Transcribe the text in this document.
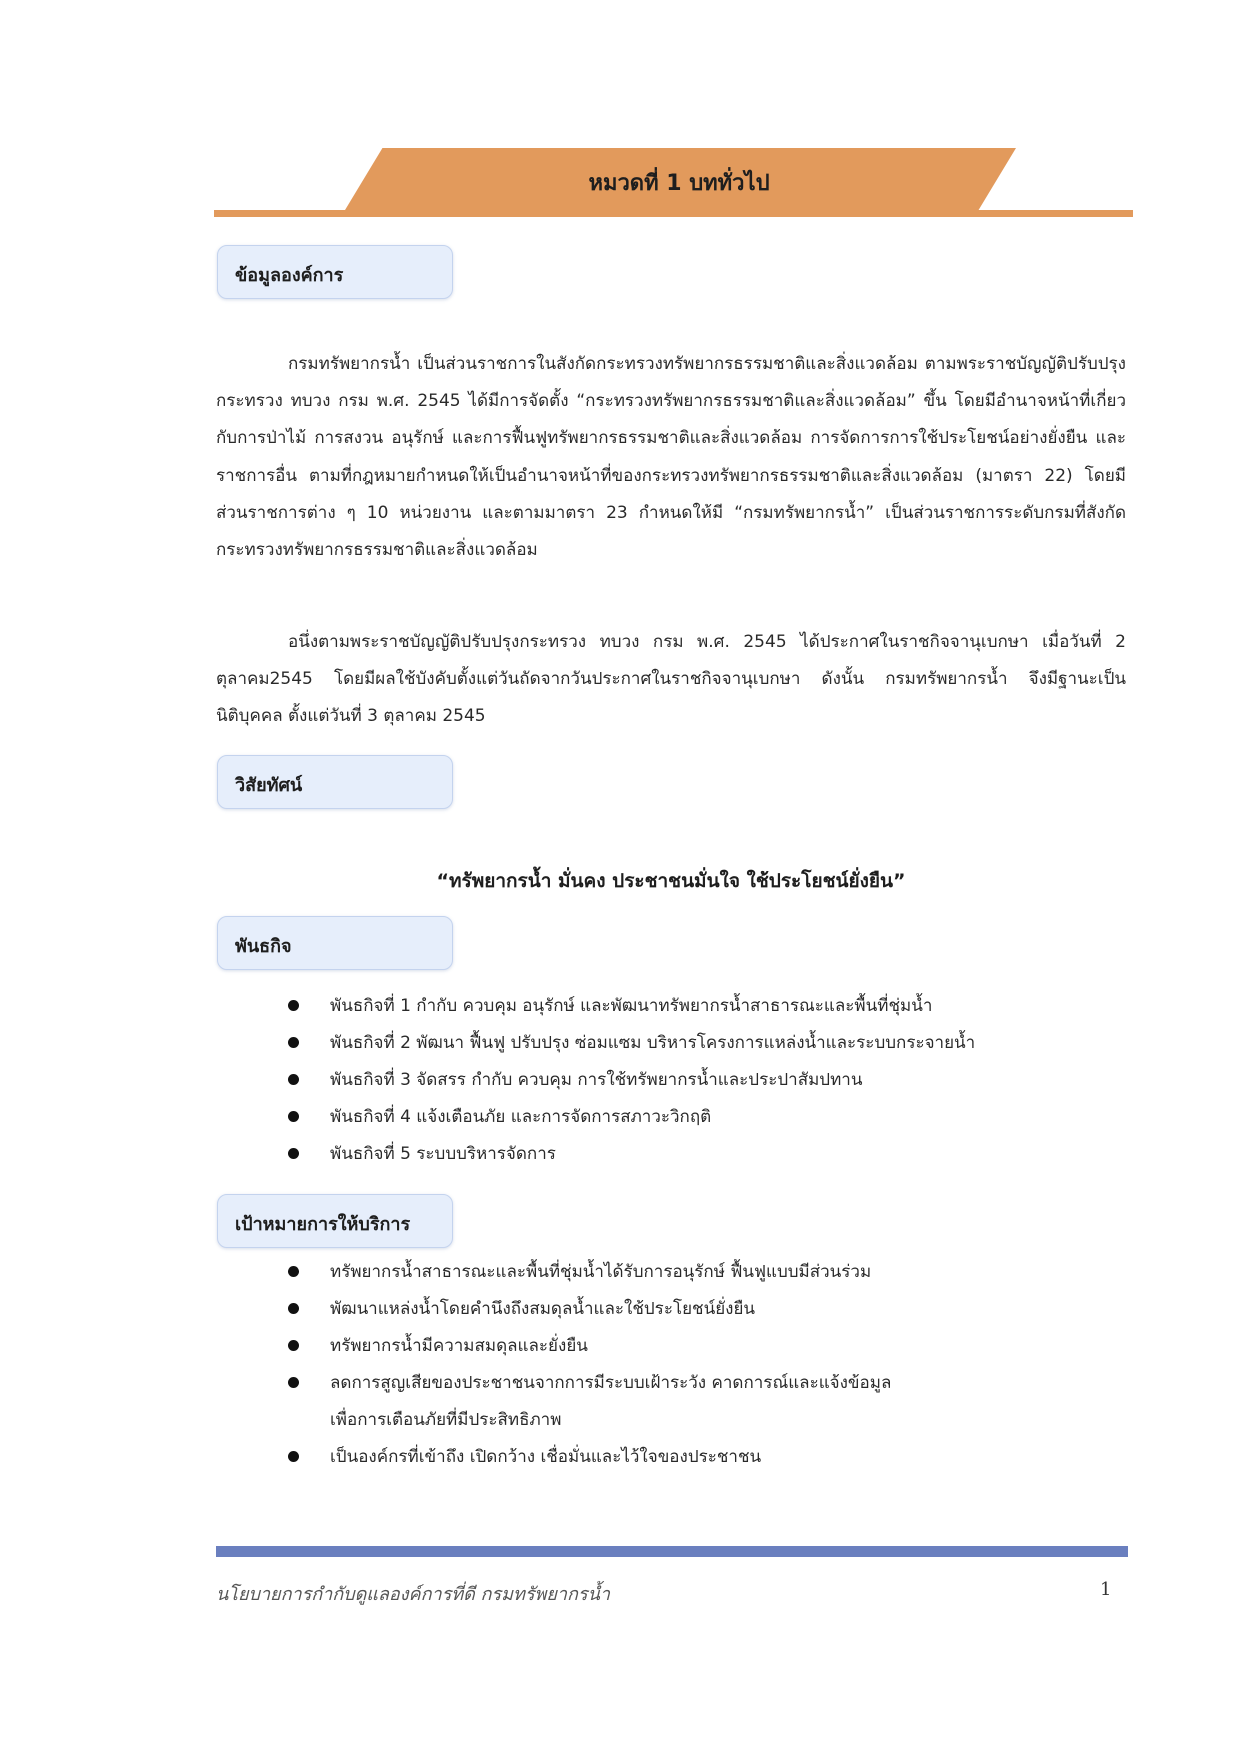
หมวดที่ 1 บททั่วไป
ข้อมูลองค์การ

กรมทรัพยากรน้ำ เป็นส่วนราชการในสังกัดกระทรวงทรัพยากรธรรมชาติและสิ่งแวดล้อม ตามพระราชบัญญัติปรับปรุงกระทรวง ทบวง กรม พ.ศ. 2545 ได้มีการจัดตั้ง “กระทรวงทรัพยากรธรรมชาติและสิ่งแวดล้อม” ขึ้น โดยมีอำนาจหน้าที่เกี่ยวกับการป่าไม้ การสงวน อนุรักษ์ และการฟื้นฟูทรัพยากรธรรมชาติและสิ่งแวดล้อม การจัดการการใช้ประโยชน์อย่างยั่งยืน และราชการอื่น ตามที่กฎหมายกำหนดให้เป็นอำนาจหน้าที่ของกระทรวงทรัพยากรธรรมชาติและสิ่งแวดล้อม (มาตรา 22) โดยมีส่วนราชการต่าง ๆ 10 หน่วยงาน และตามมาตรา 23 กำหนดให้มี “กรมทรัพยากรน้ำ” เป็นส่วนราชการระดับกรมที่สังกัดกระทรวงทรัพยากรธรรมชาติและสิ่งแวดล้อม

อนึ่งตามพระราชบัญญัติปรับปรุงกระทรวง ทบวง กรม พ.ศ. 2545 ได้ประกาศในราชกิจจานุเบกษา เมื่อวันที่ 2 ตุลาคม2545 โดยมีผลใช้บังคับตั้งแต่วันถัดจากวันประกาศในราชกิจจานุเบกษา ดังนั้น กรมทรัพยากรน้ำ จึงมีฐานะเป็นนิติบุคคล ตั้งแต่วันที่ 3 ตุลาคม 2545

วิสัยทัศน์
“ทรัพยากรน้ำ มั่นคง ประชาชนมั่นใจ ใช้ประโยชน์ยั่งยืน”
พันธกิจ
พันธกิจที่ 1 กำกับ ควบคุม อนุรักษ์ และพัฒนาทรัพยากรน้ำสาธารณะและพื้นที่ชุ่มน้ำ
พันธกิจที่ 2 พัฒนา ฟื้นฟู ปรับปรุง ซ่อมแซม บริหารโครงการแหล่งน้ำและระบบกระจายน้ำ
พันธกิจที่ 3 จัดสรร กำกับ ควบคุม การใช้ทรัพยากรน้ำและประปาสัมปทาน
พันธกิจที่ 4 แจ้งเตือนภัย และการจัดการสภาวะวิกฤติ
พันธกิจที่ 5 ระบบบริหารจัดการ
เป้าหมายการให้บริการ
ทรัพยากรน้ำสาธารณะและพื้นที่ชุ่มน้ำได้รับการอนุรักษ์ ฟื้นฟูแบบมีส่วนร่วม
พัฒนาแหล่งน้ำโดยคำนึงถึงสมดุลน้ำและใช้ประโยชน์ยั่งยืน
ทรัพยากรน้ำมีความสมดุลและยั่งยืน
ลดการสูญเสียของประชาชนจากการมีระบบเฝ้าระวัง คาดการณ์และแจ้งข้อมูลเพื่อการเตือนภัยที่มีประสิทธิภาพ
เป็นองค์กรที่เข้าถึง เปิดกว้าง เชื่อมั่นและไว้ใจของประชาชน
นโยบายการกำกับดูแลองค์การที่ดี กรมทรัพยากรน้ำ	1
